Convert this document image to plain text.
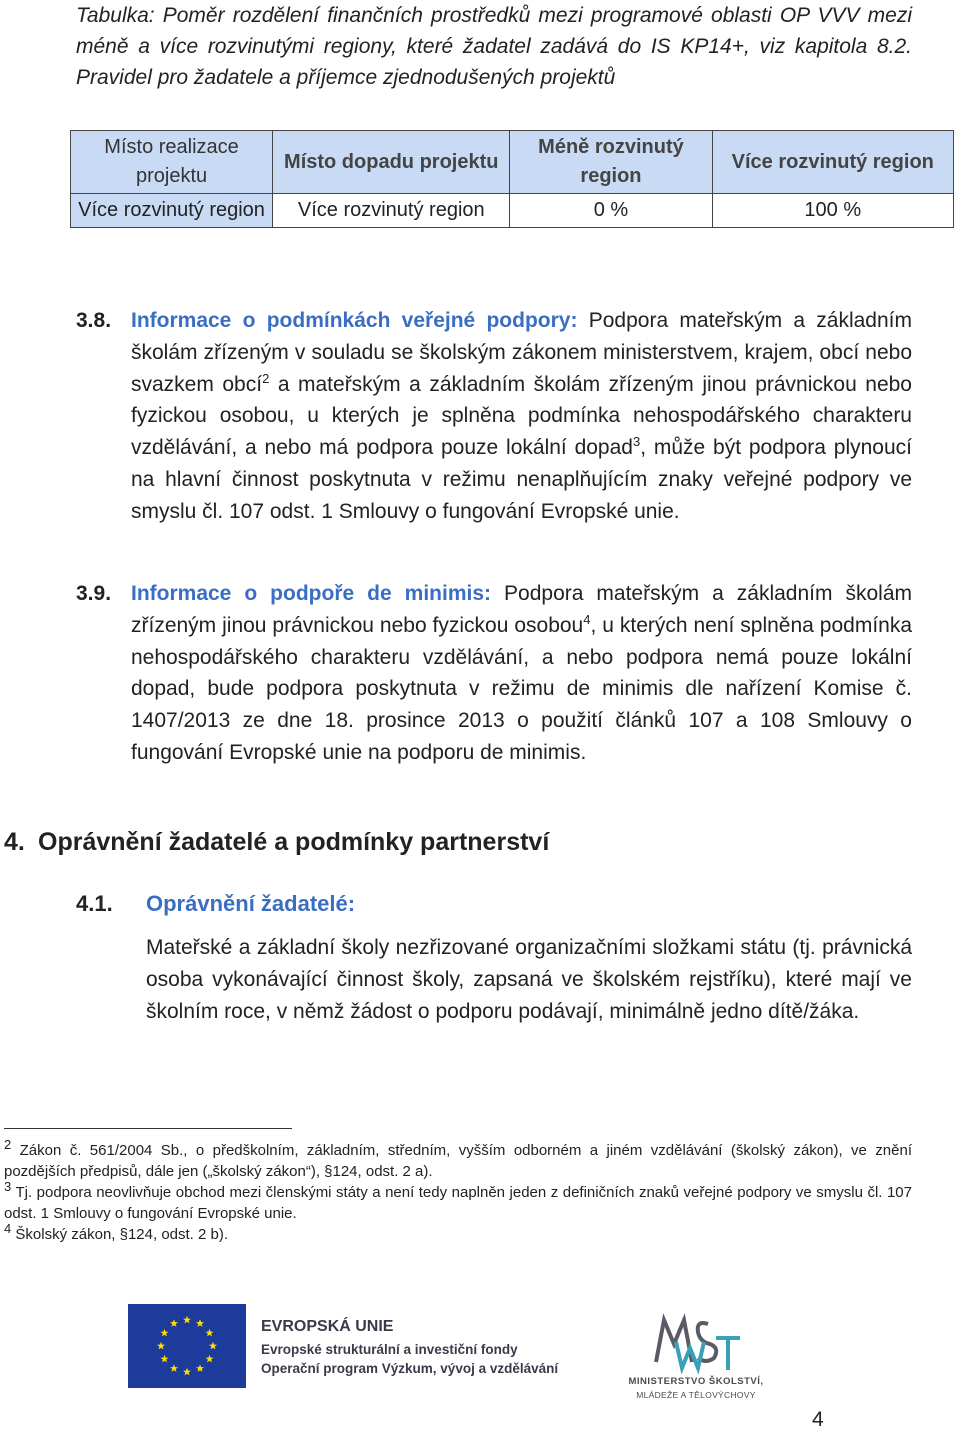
Tabulka: Poměr rozdělení finančních prostředků mezi programové oblasti OP VVV mezi méně a více rozvinutými regiony, které žadatel zadává do IS KP14+, viz kapitola 8.2. Pravidel pro žadatele a příjemce zjednodušených projektů
Místo realizace projektu	Místo dopadu projektu	Méně rozvinutý region	Více rozvinutý region
Více rozvinutý region	Více rozvinutý region	0 %	100 %
3.8. Informace o podmínkách veřejné podpory: Podpora mateřským a základním školám zřízeným v souladu se školským zákonem ministerstvem, krajem, obcí nebo svazkem obcí$^2$ a mateřským a základním školám zřízeným jinou právnickou nebo fyzickou osobou, u kterých je splněna podmínka nehospodářského charakteru vzdělávání, a nebo má podpora pouze lokální dopad$^3$, může být podpora plynoucí na hlavní činnost poskytnuta v režimu nenaplňujícím znaky veřejné podpory ve smyslu čl. 107 odst. 1 Smlouvy o fungování Evropské unie.
3.9. Informace o podpoře de minimis: Podpora mateřským a základním školám zřízeným jinou právnickou nebo fyzickou osobou$^4$, u kterých není splněna podmínka nehospodářského charakteru vzdělávání, a nebo podpora nemá pouze lokální dopad, bude podpora poskytnuta v režimu de minimis dle nařízení Komise č. 1407/2013 ze dne 18. prosince 2013 o použití článků 107 a 108 Smlouvy o fungování Evropské unie na podporu de minimis.
4. Oprávnění žadatelé a podmínky partnerství
4.1. Oprávnění žadatelé:
Mateřské a základní školy nezřizované organizačními složkami státu (tj. právnická osoba vykonávající činnost školy, zapsaná ve školském rejstříku), které mají ve školním roce, v němž žádost o podporu podávají, minimálně jedno dítě/žáka.
$^2$ Zákon č. 561/2004 Sb., o předškolním, základním, středním, vyšším odborném a jiném vzdělávání (školský zákon), ve znění pozdějších předpisů, dále jen („školský zákon“), §124, odst. 2 a).
$^3$ Tj. podpora neovlivňuje obchod mezi členskými státy a není tedy naplněn jeden z definičních znaků veřejné podpory ve smyslu čl. 107 odst. 1 Smlouvy o fungování Evropské unie.
$^4$ Školský zákon, §124, odst. 2 b).
EVROPSKÁ UNIE
Evropské strukturální a investiční fondy
Operační program Výzkum, vývoj a vzdělávání
MINISTERSTVO ŠKOLSTVÍ,
MLÁDEŽE A TĚLOVÝCHOVY
4
